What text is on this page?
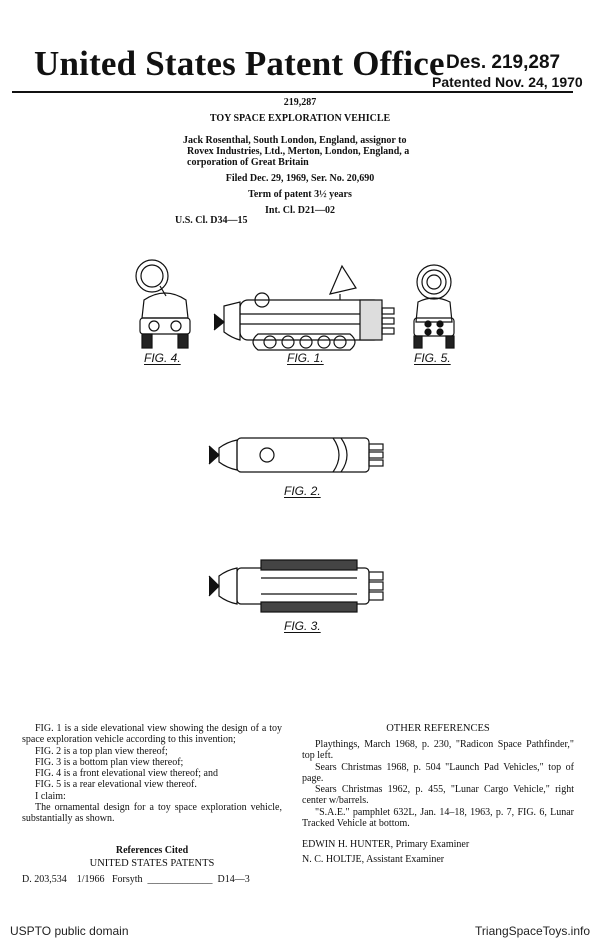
United States Patent Office Des. 219,287
Patented Nov. 24, 1970
219,287
TOY SPACE EXPLORATION VEHICLE
Jack Rosenthal, South London, England, assignor to
Rovex Industries, Ltd., Merton, London, England, a
corporation of Great Britain
Filed Dec. 29, 1969, Ser. No. 20,690
Term of patent 3½ years
Int. Cl. D21—02
U.S. Cl. D34—15
FIG. 4.	FIG. 1.	FIG. 5.
FIG. 2.
FIG. 3.

FIG. 1 is a side elevational view showing the design of a toy space exploration vehicle according to this invention;

FIG. 2 is a top plan view thereof;

FIG. 3 is a bottom plan view thereof;

FIG. 4 is a front elevational view thereof; and

FIG. 5 is a rear elevational view thereof.

I claim:

The ornamental design for a toy space exploration vehicle, substantially as shown.

References Cited
UNITED STATES PATENTS
D. 203,534    1/1966   Forsyth  _____________  D14—3
OTHER REFERENCES

Playthings, March 1968, p. 230, "Radicon Space Pathfinder," top left.

Sears Christmas 1968, p. 504 "Launch Pad Vehicles," top of page.

Sears Christmas 1962, p. 455, "Lunar Cargo Vehicle," right center w/barrels.

"S.A.E." pamphlet 632L, Jan. 14–18, 1963, p. 7, FIG. 6, Lunar Tracked Vehicle at bottom.

EDWIN H. HUNTER, Primary Examiner
N. C. HOLTJE, Assistant Examiner
USPTO public domain	TriangSpaceToys.info
